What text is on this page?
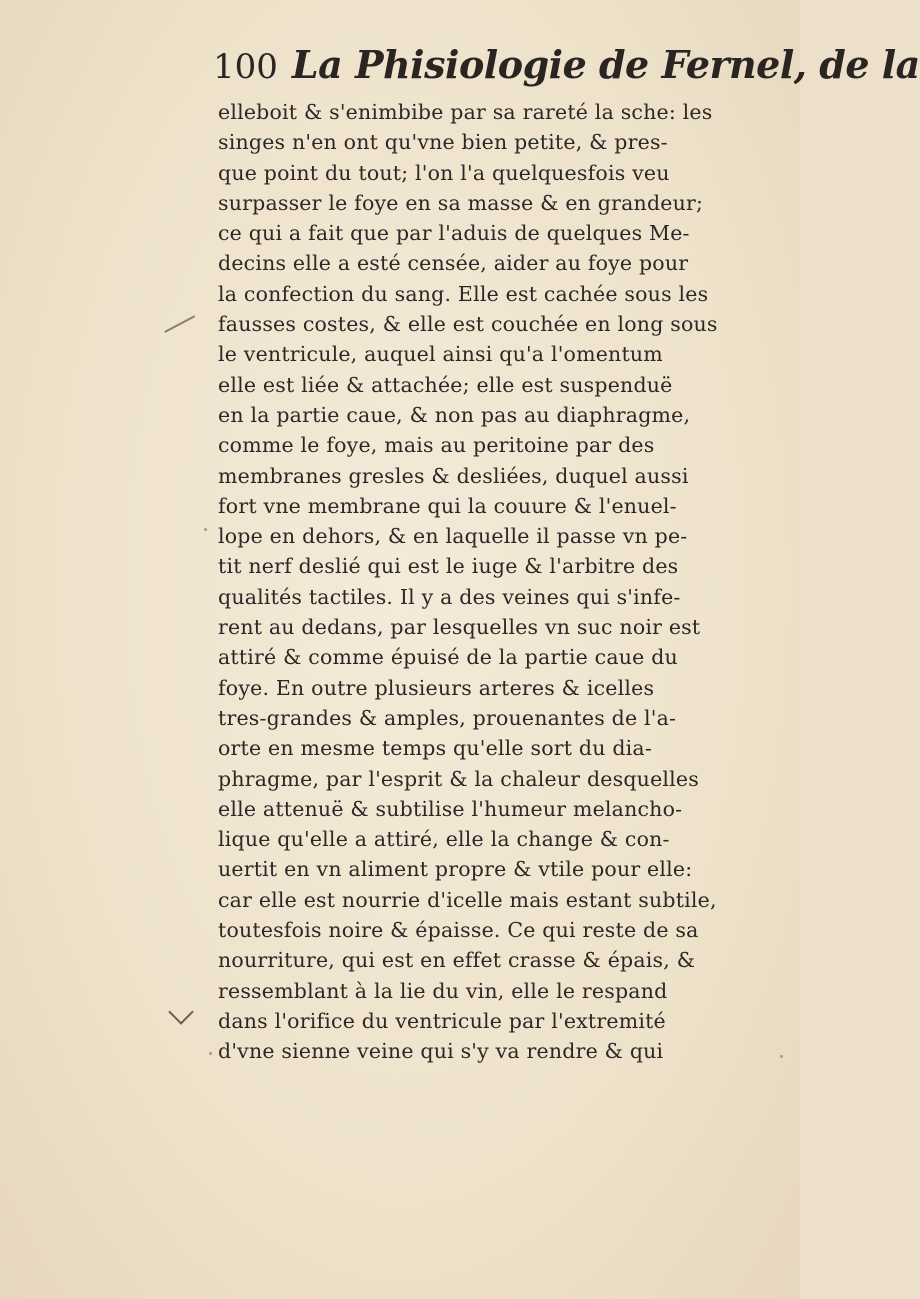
100 La Phisiologie de Fernel, de la
elleboit & s'enimbibe par sa rareté la sche: les
singes n'en ont qu'vne bien petite, & pres-
que point du tout; l'on l'a quelquesfois veu
surpasser le foye en sa masse & en grandeur;
ce qui a fait que par l'aduis de quelques Me-
decins elle a esté censée, aider au foye pour
la confection du sang. Elle est cachée sous les
fausses costes, & elle est couchée en long sous
le ventricule, auquel ainsi qu'a l'omentum
elle est liée & attachée; elle est suspenduë
en la partie caue, & non pas au diaphragme,
comme le foye, mais au peritoine par des
membranes gresles & desliées, duquel aussi
fort vne membrane qui la couure & l'enuel-
lope en dehors, & en laquelle il passe vn pe-
tit nerf deslié qui est le iuge & l'arbitre des
qualités tactiles. Il y a des veines qui s'infe-
rent au dedans, par lesquelles vn suc noir est
attiré & comme épuisé de la partie caue du
foye. En outre plusieurs arteres & icelles
tres-grandes & amples, prouenantes de l'a-
orte en mesme temps qu'elle sort du dia-
phragme, par l'esprit & la chaleur desquelles
elle attenuë & subtilise l'humeur melancho-
lique qu'elle a attiré, elle la change & con-
uertit en vn aliment propre & vtile pour elle:
car elle est nourrie d'icelle mais estant subtile,
toutesfois noire & épaisse. Ce qui reste de sa
nourriture, qui est en effet crasse & épais, &
ressemblant à la lie du vin, elle le respand
dans l'orifice du ventricule par l'extremité
d'vne sienne veine qui s'y va rendre & qui
